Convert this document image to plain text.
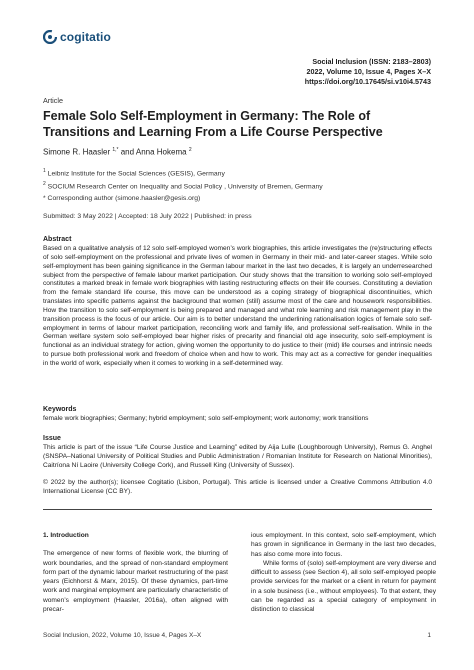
cogitatio
Social Inclusion (ISSN: 2183–2803)
2022, Volume 10, Issue 4, Pages X–X
https://doi.org/10.17645/si.v10i4.5743
Article
Female Solo Self-Employment in Germany: The Role of Transitions and Learning From a Life Course Perspective
Simone R. Haasler $^{1,*}$ and Anna Hokema $^2$
$^1$ Leibniz Institute for the Social Sciences (GESIS), Germany
$^2$ SOCIUM Research Center on Inequality and Social Policy , University of Bremen, Germany
* Corresponding author (simone.haasler@gesis.org)
Submitted: 3 May 2022 | Accepted: 18 July 2022 | Published: in press
Abstract

Based on a qualitative analysis of 12 solo self-employed women’s work biographies, this article investigates the (re)structuring effects of solo self-employment on the professional and private lives of women in Germany in their mid- and later-career stages. While solo self-employment has been gaining significance in the German labour market in the last two decades, it is largely an underresearched subject from the perspective of female labour market participation. Our study shows that the transition to working solo self-employed constitutes a marked break in female work biographies with lasting restructuring effects on their life courses. Constituting a deviation from the female standard life course, this move can be understood as a coping strategy of biographical discontinuities, which translates into specific patterns against the background that women (still) assume most of the care and housework responsibilities. How the transition to solo self-employment is being prepared and managed and what role learning and risk management play in the transition process is the focus of our article. Our aim is to better understand the underlining rationalisation logics of female solo self-employment in terms of labour market participation, reconciling work and family life, and professional self-realisation. While in the German welfare system solo self-employed bear higher risks of precarity and financial old age insecurity, solo self-employment is functional as an individual strategy for action, giving women the opportunity to do justice to their (mid) life courses and intrinsic needs to pursue both professional work and freedom of choice when and how to work. This may act as a corrective for gender inequalities in the world of work, especially when it comes to working in a self-determined way.

Keywords

female work biographies; Germany; hybrid employment; solo self-employment; work autonomy; work transitions

Issue

This article is part of the issue “Life Course Justice and Learning” edited by Aija Lulle (Loughborough University), Remus G. Anghel (SNSPA–National University of Political Studies and Public Administration / Romanian Institute for Research on National Minorities), Caitríona Ní Laoire (University College Cork), and Russell King (University of Sussex).

© 2022 by the author(s); licensee Cogitatio (Lisbon, Portugal). This article is licensed under a Creative Commons Attribution 4.0 International License (CC BY).

1. Introduction

The emergence of new forms of flexible work, the blurring of work boundaries, and the spread of non-standard employment form part of the dynamic labour market restructuring of the past years (Eichhorst & Marx, 2015). Of these dynamics, part-time work and marginal employment are particularly characteristic of women’s employment (Haasler, 2016a), often aligned with precar-

ious employment. In this context, solo self-employment, which has grown in significance in Germany in the last two decades, has also come more into focus.

While forms of (solo) self-employment are very diverse and difficult to assess (see Section 4), all solo self-employed people provide services for the market or a client in return for payment in a sole business (i.e., without employees). To that extent, they can be regarded as a special category of employment in distinction to classical

Social Inclusion, 2022, Volume 10, Issue 4, Pages X–X	1
